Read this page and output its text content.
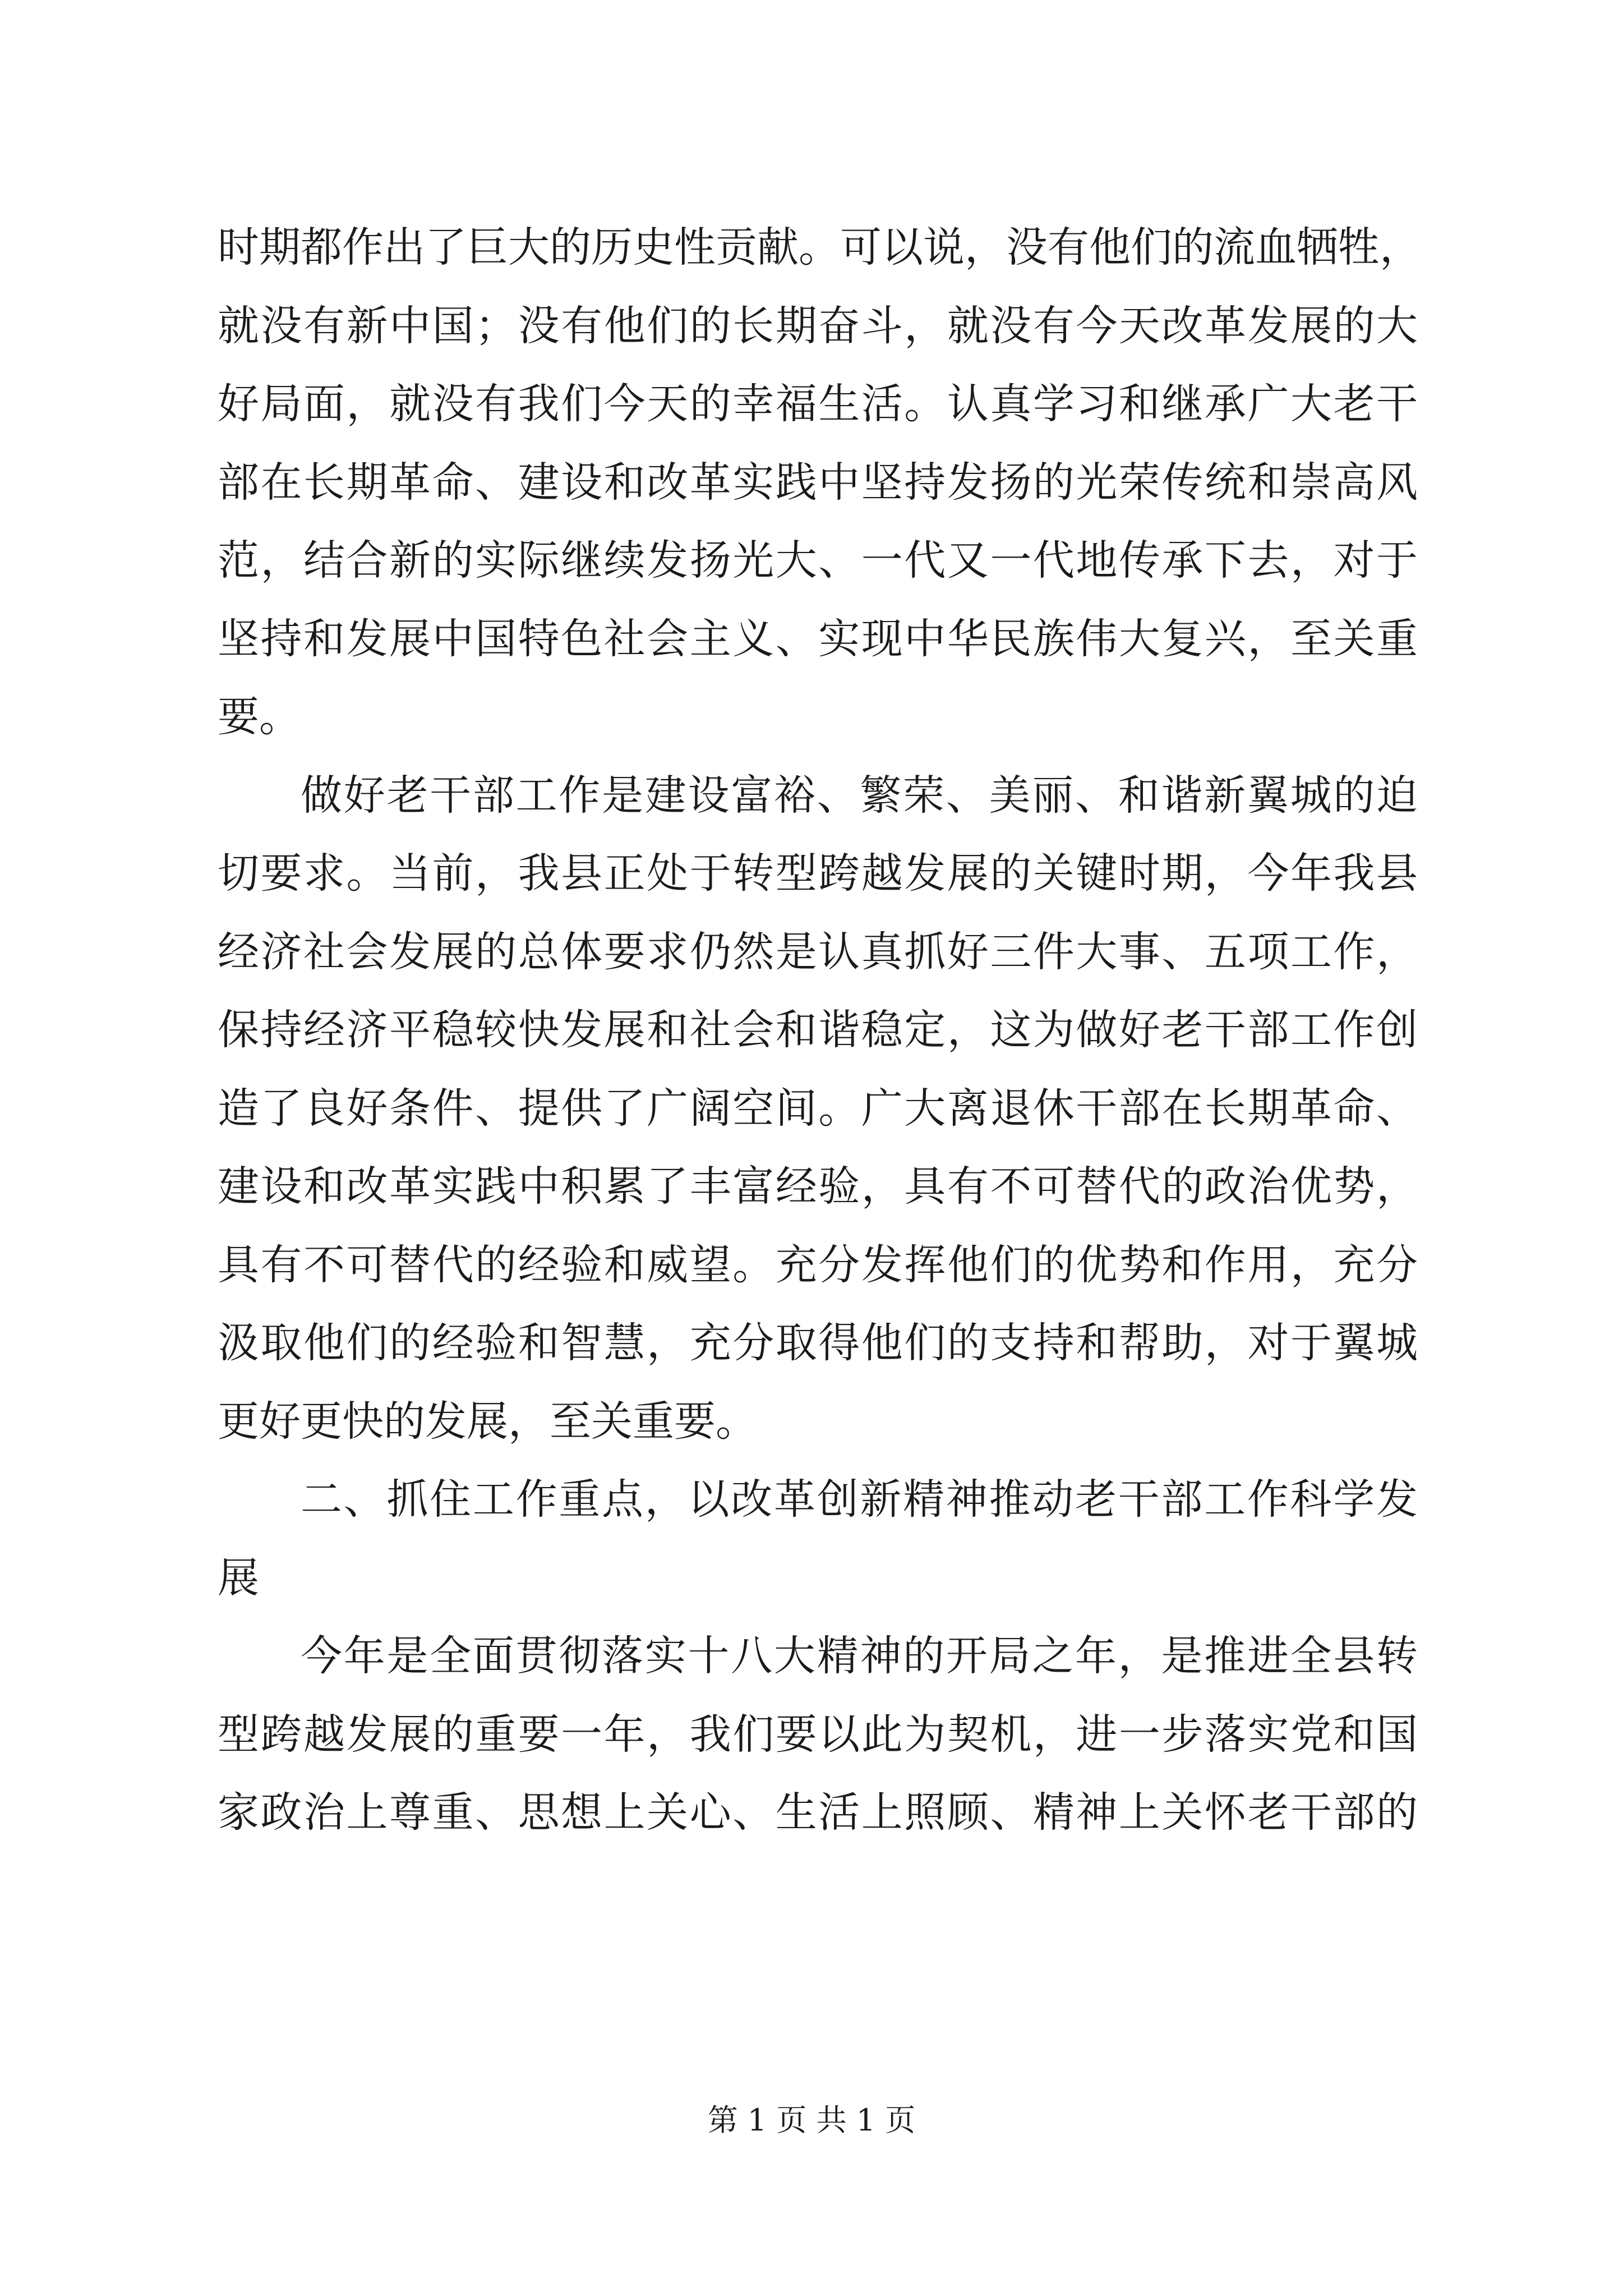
时期都作出了巨大的历史性贡献。可以说，没有他们的流血牺牲，
就没有新中国；没有他们的长期奋斗，就没有今天改革发展的大
好局面，就没有我们今天的幸福生活。认真学习和继承广大老干
部在长期革命、建设和改革实践中坚持发扬的光荣传统和崇高风
范，结合新的实际继续发扬光大、一代又一代地传承下去，对于
坚持和发展中国特色社会主义、实现中华民族伟大复兴，至关重
要。
做好老干部工作是建设富裕、繁荣、美丽、和谐新翼城的迫
切要求。当前，我县正处于转型跨越发展的关键时期，今年我县
经济社会发展的总体要求仍然是认真抓好三件大事、五项工作，
保持经济平稳较快发展和社会和谐稳定，这为做好老干部工作创
造了良好条件、提供了广阔空间。广大离退休干部在长期革命、
建设和改革实践中积累了丰富经验，具有不可替代的政治优势，
具有不可替代的经验和威望。充分发挥他们的优势和作用，充分
汲取他们的经验和智慧，充分取得他们的支持和帮助，对于翼城
更好更快的发展，至关重要。
二、抓住工作重点，以改革创新精神推动老干部工作科学发
展
今年是全面贯彻落实十八大精神的开局之年，是推进全县转
型跨越发展的重要一年，我们要以此为契机，进一步落实党和国
家政治上尊重、思想上关心、生活上照顾、精神上关怀老干部的
第 1 页 共 1 页
